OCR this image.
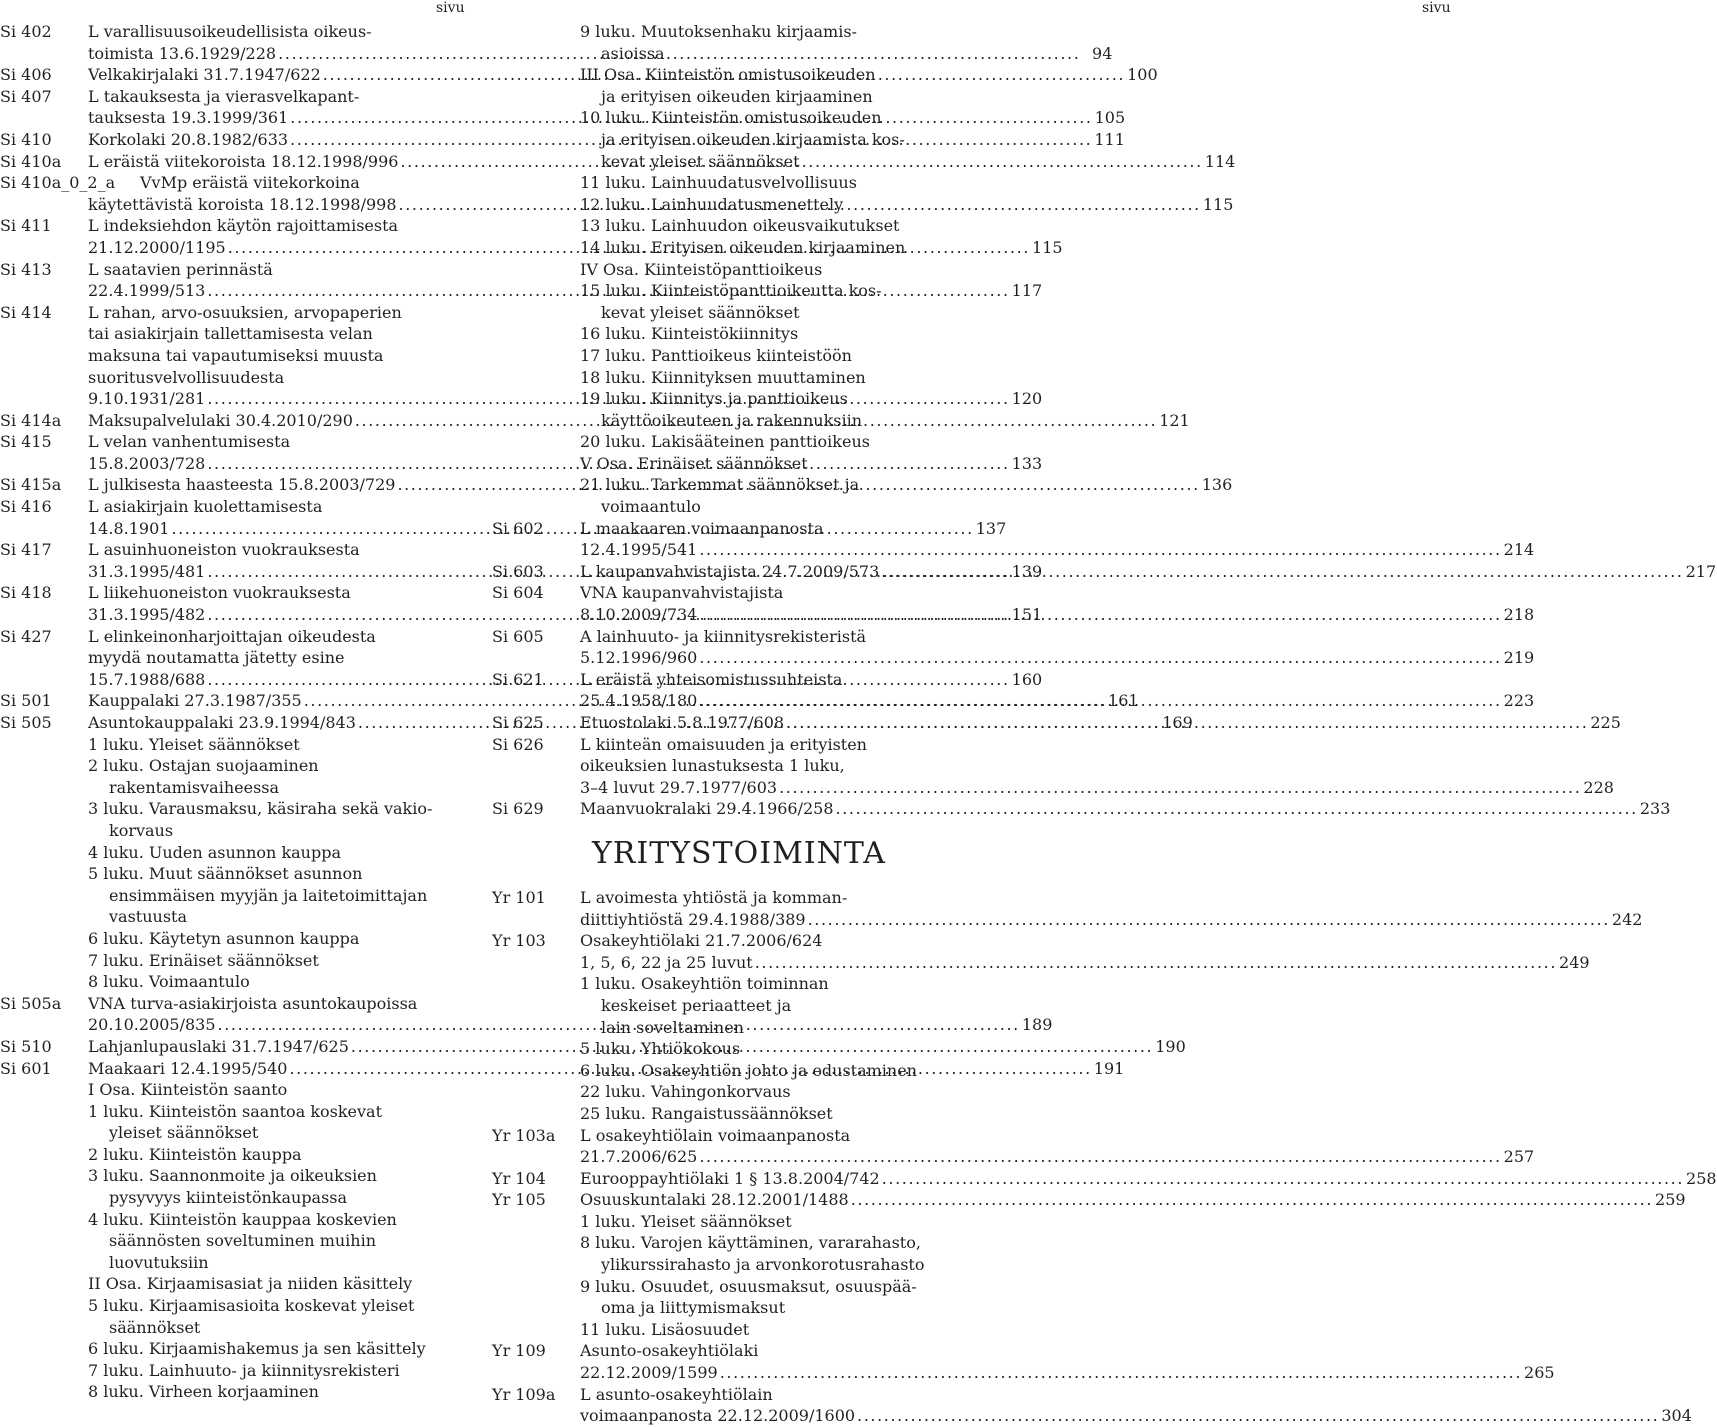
sivu
Si 402 L varallisuusoikeudellisista oikeus-
toimista 13.6.1929/228 .....	94
Si 406 Velkakirjalaki 31.7.1947/622 .....	100
Si 407 L takauksesta ja vierasvelkapant-
tauksesta 19.3.1999/361 .....	105
Si 410 Korkolaki 20.8.1982/633 .....	111
Si 410a L eräistä viitekoroista 18.12.1998/996 .....	114
Si 410a_0_2_a VvMp eräistä viitekorkoina
käytettävistä koroista 18.12.1998/998 .....	115
Si 411 L indeksiehdon käytön rajoittamisesta
21.12.2000/1195 .....	115
Si 413 L saatavien perinnästä
22.4.1999/513 .....	117
Si 414 L rahan, arvo-osuuksien, arvopaperien
tai asiakirjain tallettamisesta velan
maksuna tai vapautumiseksi muusta
suoritusvelvollisuudesta
9.10.1931/281 .....	120
Si 414a Maksupalvelulaki 30.4.2010/290 .....	121
Si 415 L velan vanhentumisesta
15.8.2003/728 .....	133
Si 415a L julkisesta haasteesta 15.8.2003/729 .....	136
Si 416 L asiakirjain kuolettamisesta
14.8.1901 .....	137
Si 417 L asuinhuoneiston vuokrauksesta
31.3.1995/481 .....	139
Si 418 L liikehuoneiston vuokrauksesta
31.3.1995/482 .....	151
Si 427 L elinkeinonharjoittajan oikeudesta
myydä noutamatta jätetty esine
15.7.1988/688 .....	160
Si 501 Kauppalaki 27.3.1987/355 .....	161
Si 505 Asuntokauppalaki 23.9.1994/843 .....	169
1 luku. Yleiset säännökset
2 luku. Ostajan suojaaminen
rakentamisvaiheessa
3 luku. Varausmaksu, käsiraha sekä vakio-
korvaus
4 luku. Uuden asunnon kauppa
5 luku. Muut säännökset asunnon
ensimmäisen myyjän ja laitetoimittajan
vastuusta
6 luku. Käytetyn asunnon kauppa
7 luku. Erinäiset säännökset
8 luku. Voimaantulo
Si 505a VNA turva-asiakirjoista asuntokaupoissa
20.10.2005/835 .....	189
Si 510 Lahjanlupauslaki 31.7.1947/625 .....	190
Si 601 Maakaari 12.4.1995/540 .....	191
I Osa. Kiinteistön saanto
1 luku. Kiinteistön saantoa koskevat
yleiset säännökset
2 luku. Kiinteistön kauppa
3 luku. Saannonmoite ja oikeuksien
pysyvyys kiinteistönkaupassa
4 luku. Kiinteistön kauppaa koskevien
säännösten soveltuminen muihin
luovutuksiin
II Osa. Kirjaamisasiat ja niiden käsittely
5 luku. Kirjaamisasioita koskevat yleiset
säännökset
6 luku. Kirjaamishakemus ja sen käsittely
7 luku. Lainhuuto- ja kiinnitysrekisteri
8 luku. Virheen korjaaminen
sivu
9 luku. Muutoksenhaku kirjaamis-
asioissa
III Osa. Kiinteistön omistusoikeuden
ja erityisen oikeuden kirjaaminen
10 luku. Kiinteistön omistusoikeuden
ja erityisen oikeuden kirjaamista kos-
kevat yleiset säännökset
11 luku. Lainhuudatusvelvollisuus
12 luku. Lainhuudatusmenettely
13 luku. Lainhuudon oikeusvaikutukset
14 luku. Erityisen oikeuden kirjaaminen
IV Osa. Kiinteistöpanttioikeus
15 luku. Kiinteistöpanttioikeutta kos-
kevat yleiset säännökset
16 luku. Kiinteistökiinnitys
17 luku. Panttioikeus kiinteistöön
18 luku. Kiinnityksen muuttaminen
19 luku. Kiinnitys ja panttioikeus
käyttöoikeuteen ja rakennuksiin
20 luku. Lakisääteinen panttioikeus
V Osa. Erinäiset säännökset
21 luku. Tarkemmat säännökset ja
voimaantulo
Si 602 L maakaaren voimaanpanosta
12.4.1995/541 .....	214
Si 603 L kaupanvahvistajista 24.7.2009/573 .....	217
Si 604 VNA kaupanvahvistajista
8.10.2009/734 .....	218
Si 605 A lainhuuto- ja kiinnitysrekisteristä
5.12.1996/960 .....	219
Si 621 L eräistä yhteisomistussuhteista
25.4.1958/180 .....	223
Si 625 Etuostolaki 5.8.1977/608 .....	225
Si 626 L kiinteän omaisuuden ja erityisten
oikeuksien lunastuksesta 1 luku,
3–4 luvut 29.7.1977/603 .....	228
Si 629 Maanvuokralaki 29.4.1966/258 .....	233
YRITYSTOIMINTA
Yr 101 L avoimesta yhtiöstä ja komman-
diittiyhtiöstä 29.4.1988/389 .....	242
Yr 103 Osakeyhtiölaki 21.7.2006/624
1, 5, 6, 22 ja 25 luvut .....	249
1 luku. Osakeyhtiön toiminnan
keskeiset periaatteet ja
lain soveltaminen
5 luku. Yhtiökokous
6 luku. Osakeyhtiön johto ja edustaminen
22 luku. Vahingonkorvaus
25 luku. Rangaistussäännökset
Yr 103a L osakeyhtiölain voimaanpanosta
21.7.2006/625 .....	257
Yr 104 Eurooppayhtiölaki 1 § 13.8.2004/742 .....	258
Yr 105 Osuuskuntalaki 28.12.2001/1488 .....	259
1 luku. Yleiset säännökset
8 luku. Varojen käyttäminen, vararahasto,
ylikurssirahasto ja arvonkorotusrahasto
9 luku. Osuudet, osuusmaksut, osuuspää-
oma ja liittymismaksut
11 luku. Lisäosuudet
Yr 109 Asunto-osakeyhtiölaki
22.12.2009/1599 .....	265
Yr 109a L asunto-osakeyhtiölain
voimaanpanosta 22.12.2009/1600 .....	304
